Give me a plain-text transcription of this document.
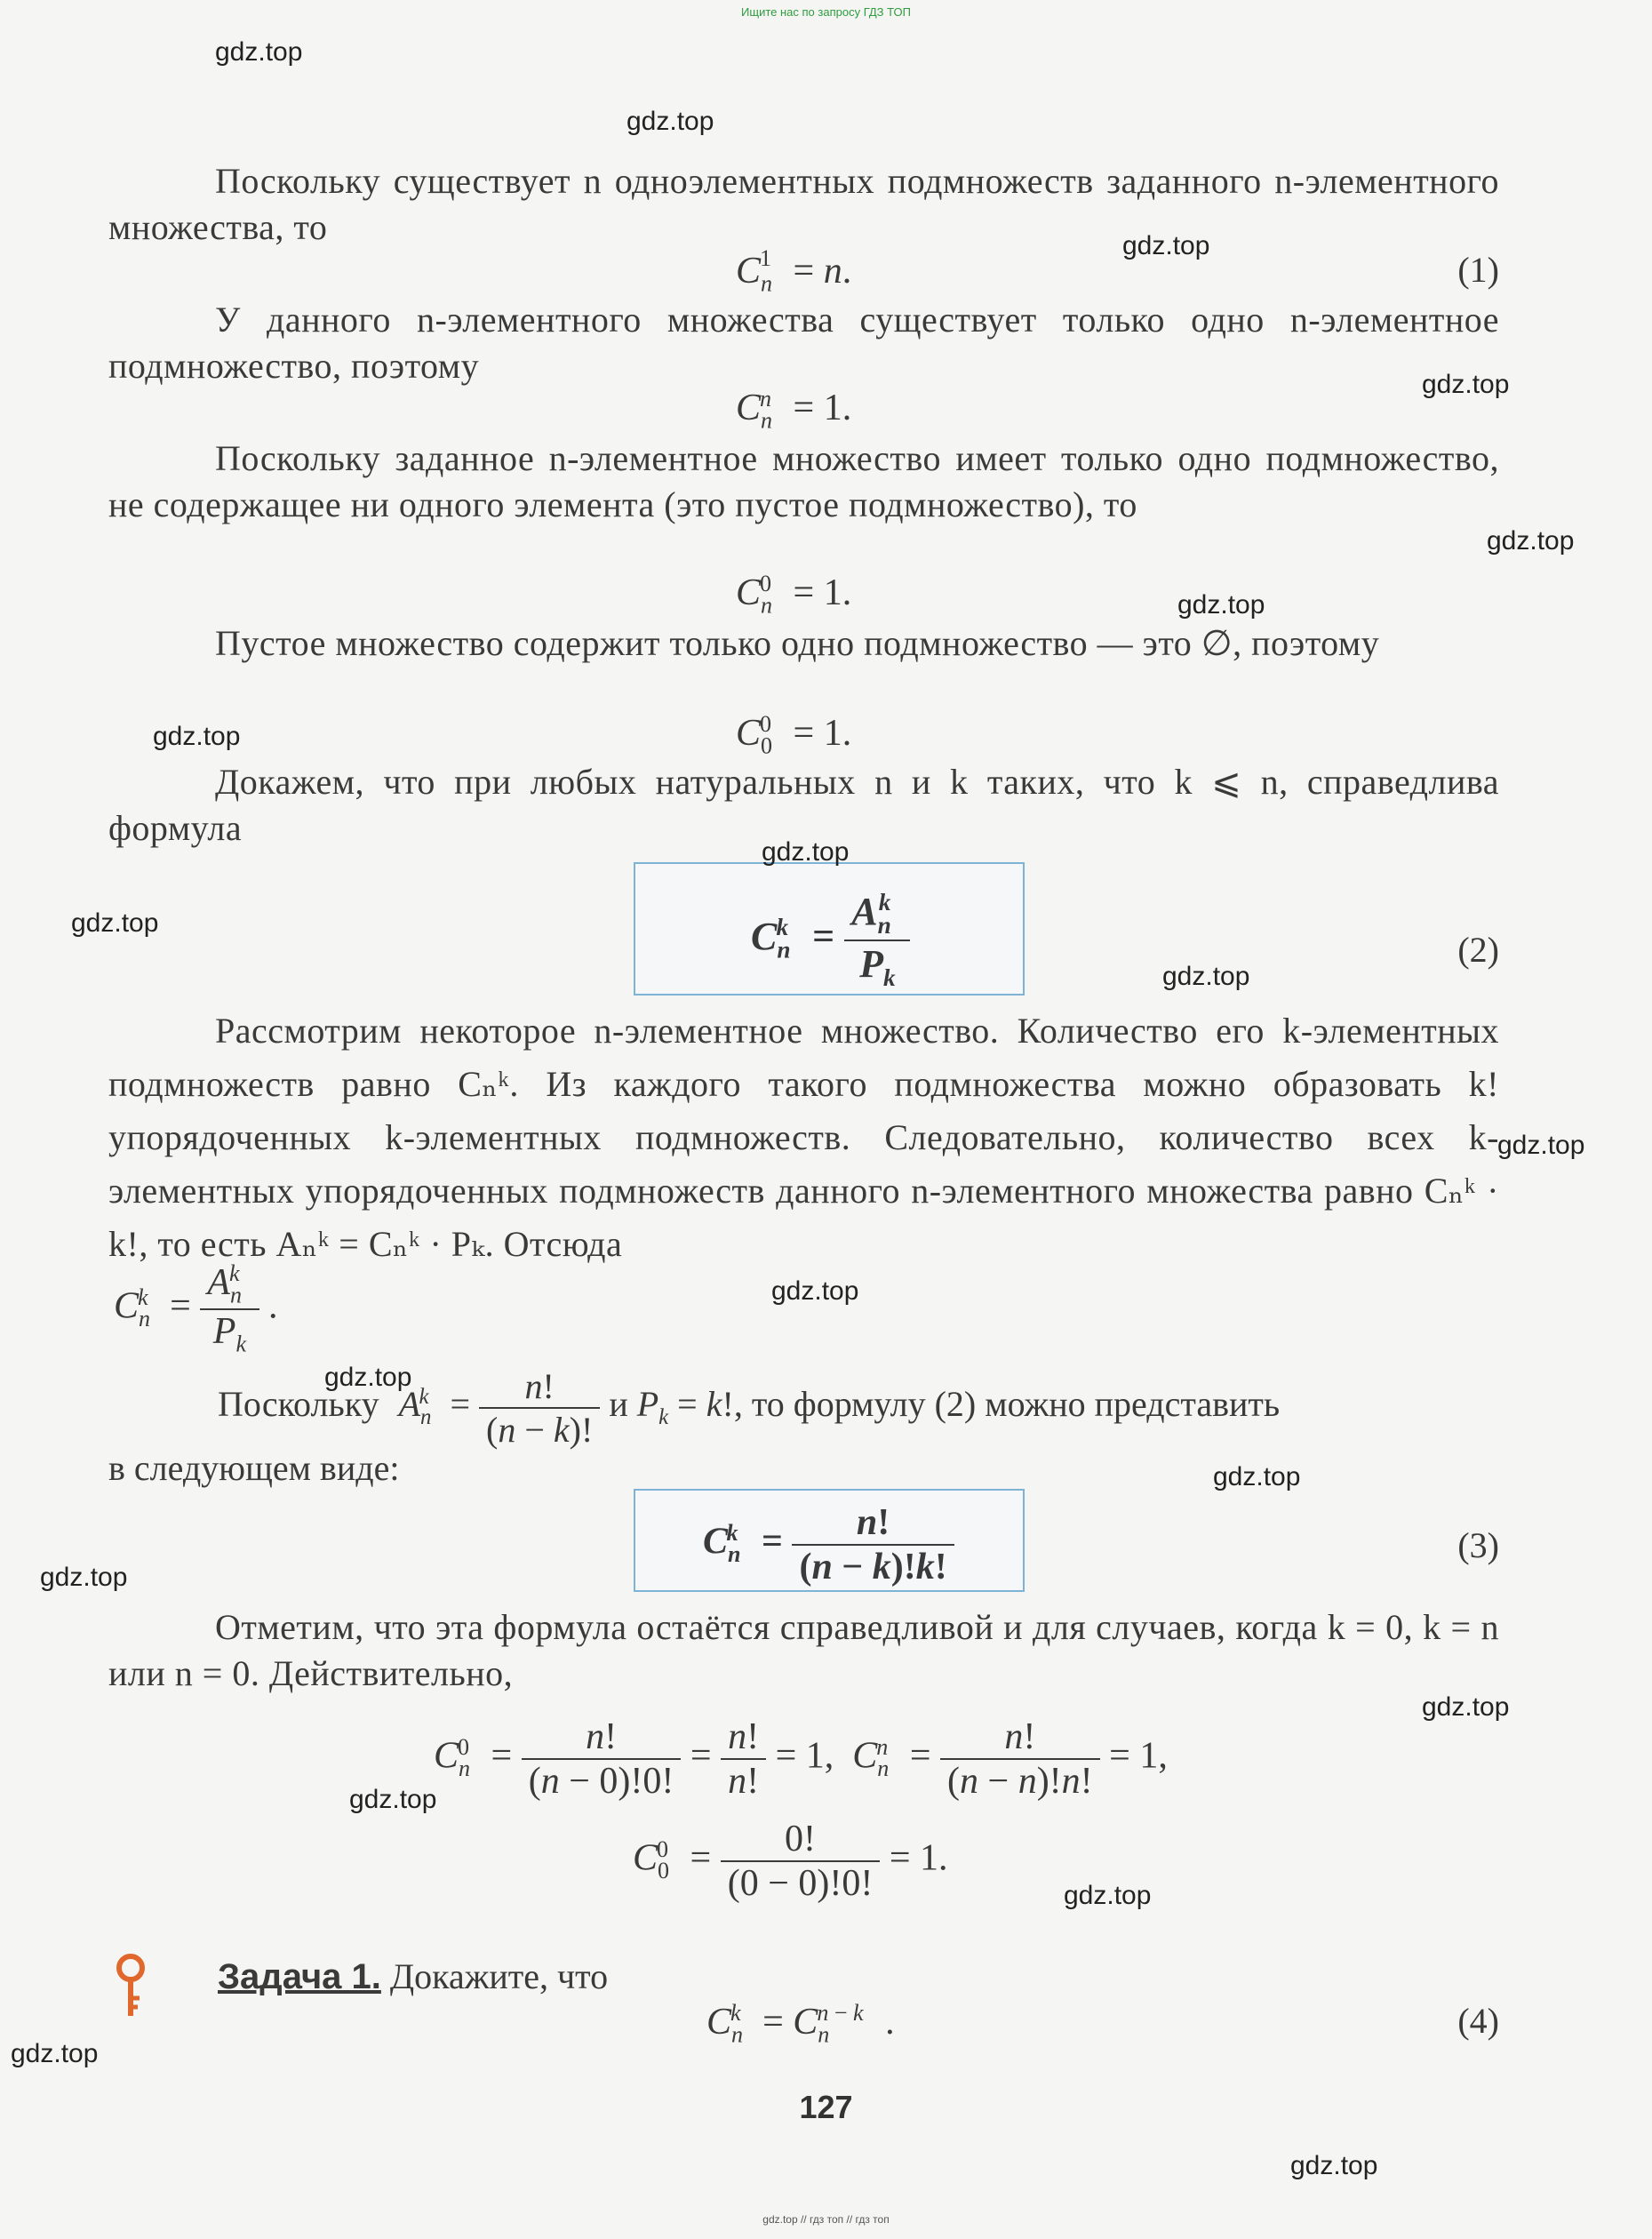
Ищите нас по запросу ГДЗ ТОП
Поскольку существует n одноэлементных подмножеств заданного n-элементного множества, то
$C_n^1 = n$.	(1)
У данного n-элементного множества существует только одно n-элементное подмножество, поэтому
$C_n^n = 1$.
Поскольку заданное n-элементное множество имеет только одно подмножество, не содержащее ни одного элемента (это пустое подмножество), то
$C_n^0 = 1$.
Пустое множество содержит только одно подмножество — это ∅, поэтому
$C_0^0 = 1$.
Докажем, что при любых натуральных n и k таких, что k ⩽ n, справедлива формула
$C_n^k = \frac{A_n^k}{P_k}$	(2)
Рассмотрим некоторое n-элементное множество. Количество его k-элементных подмножеств равно Cₙᵏ. Из каждого такого подмножества можно образовать k! упорядоченных k-элементных подмножеств. Следовательно, количество всех k-элементных упорядоченных подмножеств данного n-элементного множества равно Cₙᵏ · k!, то есть Aₙᵏ = Cₙᵏ · Pₖ. Отсюда
$C_n^k = \frac{A_n^k}{P_k}$ .
Поскольку $A_n^k = \frac{n!}{(n - k)!}$ и $P_k = k$!, то формулу (2) можно представить
в следующем виде:
$C_n^k = \frac{n!}{(n - k)!k!}$	(3)
Отметим, что эта формула остаётся справедливой и для случаев, когда k = 0, k = n или n = 0. Действительно,
$C_n^0 = \frac{n!}{(n - 0)!0!} = \frac{n!}{n!} = 1$,  $C_n^n = \frac{n!}{(n - n)!n!} = 1$,
$C_0^0 = \frac{0!}{(0 - 0)!0!} = 1$.
Задача 1. Докажите, что
$C_n^k = C_n^{n - k}$ .	(4)
127
gdz.top
gdz.top
gdz.top
gdz.top
gdz.top
gdz.top
gdz.top
gdz.top
gdz.top
gdz.top
gdz.top
gdz.top
gdz.top
gdz.top
gdz.top
gdz.top
gdz.top
gdz.top
gdz.top
gdz.top
gdz.top // гдз топ // гдз топ
